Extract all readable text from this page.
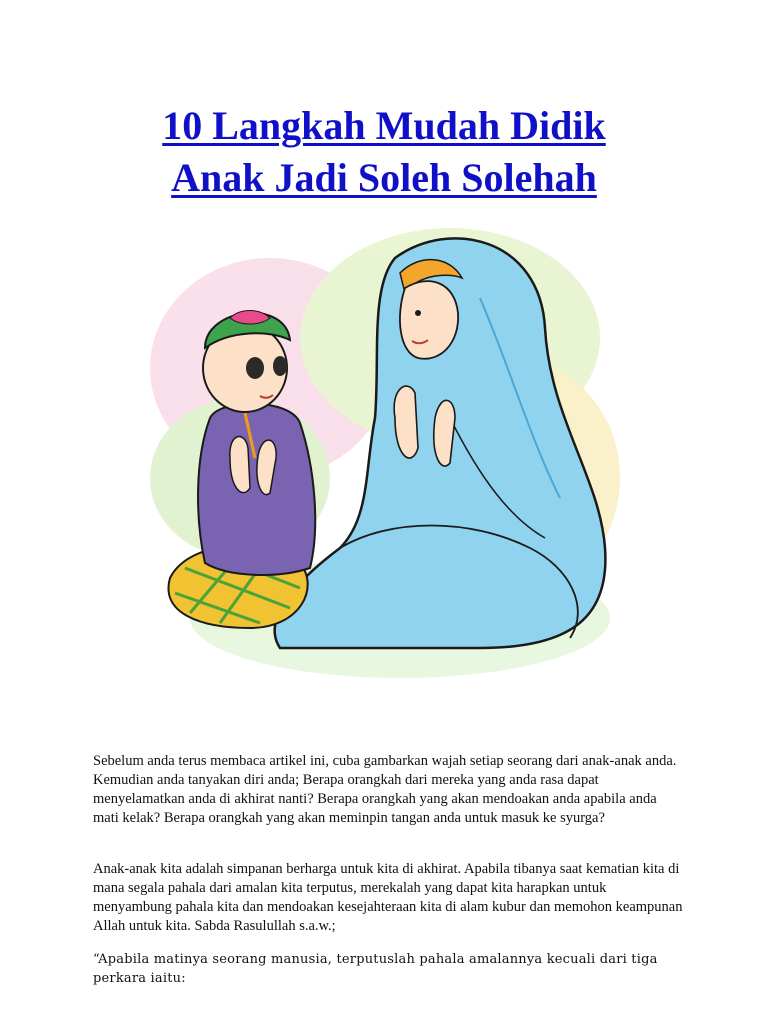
10 Langkah Mudah Didik
Anak Jadi Soleh Solehah

Sebelum anda terus membaca artikel ini, cuba gambarkan wajah setiap seorang dari anak-anak anda. Kemudian anda tanyakan diri anda; Berapa orangkah dari mereka yang anda rasa dapat menyelamatkan anda di akhirat nanti? Berapa orangkah yang akan mendoakan anda apabila anda mati kelak? Berapa orangkah yang akan meminpin tangan anda untuk masuk ke syurga?

Anak-anak kita adalah simpanan berharga untuk kita di akhirat. Apabila tibanya saat kematian kita di mana segala pahala dari amalan kita terputus, merekalah yang dapat kita harapkan untuk menyambung pahala kita dan mendoakan kesejahteraan kita di alam kubur dan memohon keampunan Allah untuk kita. Sabda Rasulullah s.a.w.;

“Apabila matinya seorang manusia, terputuslah pahala amalannya kecuali dari tiga perkara iaitu:
